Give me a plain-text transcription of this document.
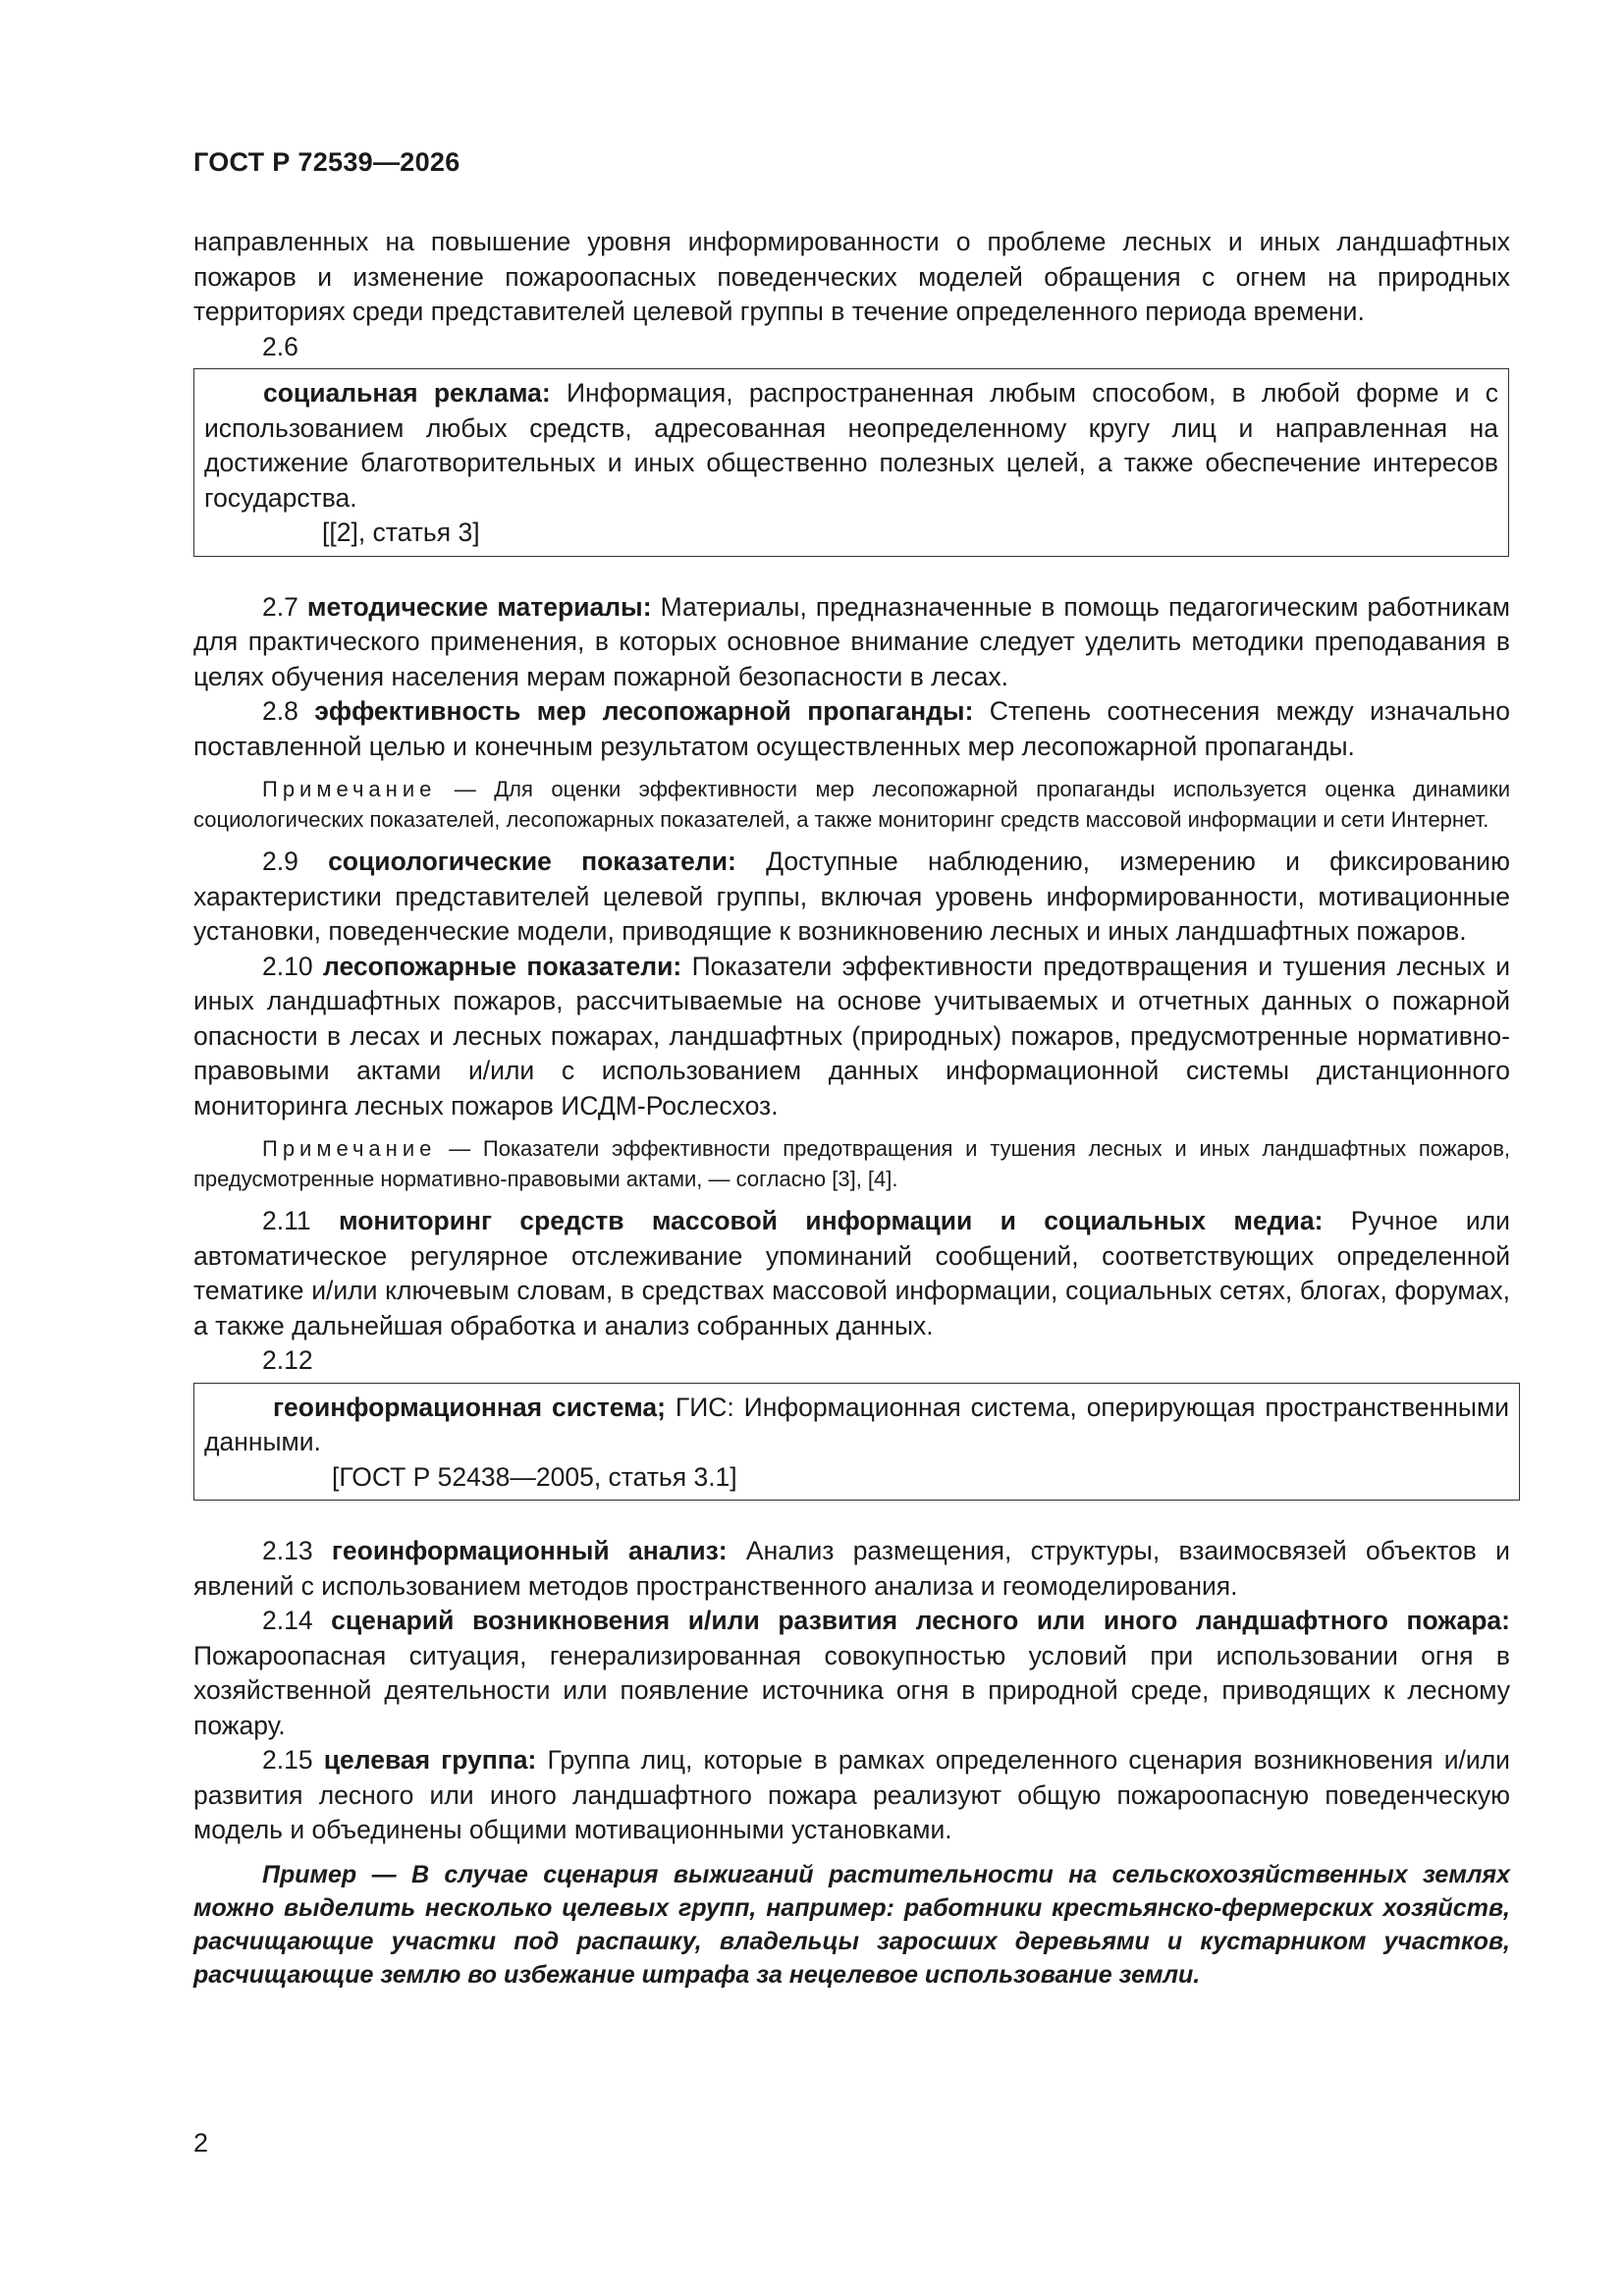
ГОСТ Р 72539—2026

направленных на повышение уровня информированности о проблеме лесных и иных ландшафтных пожаров и изменение пожароопасных поведенческих моделей обращения с огнем на природных территориях среди представителей целевой группы в течение определенного периода времени.

2.6

социальная реклама: Информация, распространенная любым способом, в любой форме и с использованием любых средств, адресованная неопределенному кругу лиц и направленная на достижение благотворительных и иных общественно полезных целей, а также обеспечение интересов государства.

[[2], статья 3]

2.7 методические материалы: Материалы, предназначенные в помощь педагогическим работникам для практического применения, в которых основное внимание следует уделить методики преподавания в целях обучения населения мерам пожарной безопасности в лесах.

2.8 эффективность мер лесопожарной пропаганды: Степень соотнесения между изначально поставленной целью и конечным результатом осуществленных мер лесопожарной пропаганды.

Примечание — Для оценки эффективности мер лесопожарной пропаганды используется оценка динамики социологических показателей, лесопожарных показателей, а также мониторинг средств массовой информации и сети Интернет.

2.9 социологические показатели: Доступные наблюдению, измерению и фиксированию характеристики представителей целевой группы, включая уровень информированности, мотивационные установки, поведенческие модели, приводящие к возникновению лесных и иных ландшафтных пожаров.

2.10 лесопожарные показатели: Показатели эффективности предотвращения и тушения лесных и иных ландшафтных пожаров, рассчитываемые на основе учитываемых и отчетных данных о пожарной опасности в лесах и лесных пожарах, ландшафтных (природных) пожаров, предусмотренные нормативно-правовыми актами и/или с использованием данных информационной системы дистанционного мониторинга лесных пожаров ИСДМ-Рослесхоз.

Примечание — Показатели эффективности предотвращения и тушения лесных и иных ландшафтных пожаров, предусмотренные нормативно-правовыми актами, — согласно [3], [4].

2.11 мониторинг средств массовой информации и социальных медиа: Ручное или автоматическое регулярное отслеживание упоминаний сообщений, соответствующих определенной тематике и/или ключевым словам, в средствах массовой информации, социальных сетях, блогах, форумах, а также дальнейшая обработка и анализ собранных данных.

2.12

геоинформационная система; ГИС: Информационная система, оперирующая пространственными данными.

[ГОСТ Р 52438—2005, статья 3.1]

2.13 геоинформационный анализ: Анализ размещения, структуры, взаимосвязей объектов и явлений с использованием методов пространственного анализа и геомоделирования.

2.14 сценарий возникновения и/или развития лесного или иного ландшафтного пожара: Пожароопасная ситуация, генерализированная совокупностью условий при использовании огня в хозяйственной деятельности или появление источника огня в природной среде, приводящих к лесному пожару.

2.15 целевая группа: Группа лиц, которые в рамках определенного сценария возникновения и/или развития лесного или иного ландшафтного пожара реализуют общую пожароопасную поведенческую модель и объединены общими мотивационными установками.

Пример — В случае сценария выжиганий растительности на сельскохозяйственных землях можно выделить несколько целевых групп, например: работники крестьянско-фермерских хозяйств, расчищающие участки под распашку, владельцы заросших деревьями и кустарником участков, расчищающие землю во избежание штрафа за нецелевое использование земли.

2
